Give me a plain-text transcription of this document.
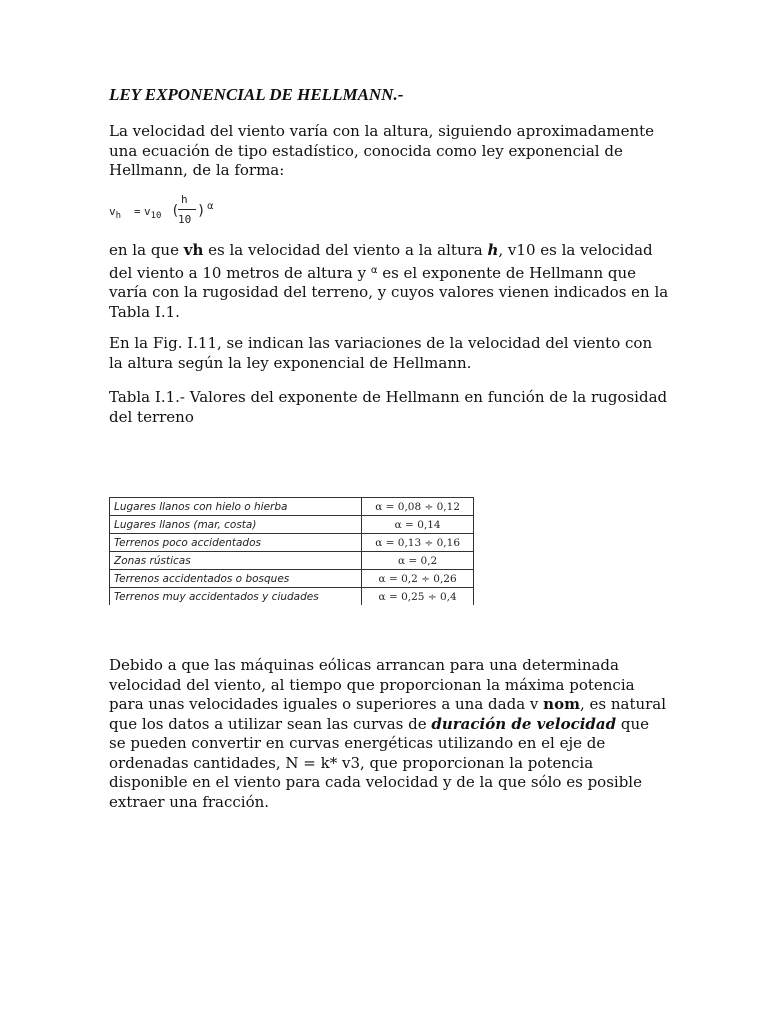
LEY EXPONENCIAL DE HELLMANN.-

La velocidad del viento varía con la altura, siguiendo aproximadamente una ecuación de tipo estadístico, conocida como ley exponencial de Hellmann, de la forma:

$v_h = v_{10}$ (
h
10
) α

en la que vh es la velocidad del viento a la altura h, v10 es la velocidad del viento a 10 metros de altura y $^\alpha$ es el exponente de Hellmann que varía con la rugosidad del terreno, y cuyos valores vienen indicados en la Tabla I.1.

En la Fig. I.11, se indican las variaciones de la velocidad del viento con la altura según la ley exponencial de Hellmann.

Tabla I.1.- Valores del exponente de Hellmann en función de la rugosidad del terreno

Lugares llanos con hielo o hierba	α = 0,08 ÷ 0,12
Lugares llanos (mar, costa)	α = 0,14
Terrenos poco accidentados	α = 0,13 ÷ 0,16
Zonas rústicas	α = 0,2
Terrenos accidentados o bosques	α = 0,2 ÷ 0,26
Terrenos muy accidentados y ciudades	α = 0,25 ÷ 0,4

Debido a que las máquinas eólicas arrancan para una determinada velocidad del viento, al tiempo que proporcionan la máxima potencia para unas velocidades iguales o superiores a una dada v nom, es natural que los datos a utilizar sean las curvas de duración de velocidad que se pueden convertir en curvas energéticas utilizando en el eje de ordenadas cantidades, N = k* v3, que proporcionan la potencia disponible en el viento para cada velocidad y de la que sólo es posible extraer una fracción.
